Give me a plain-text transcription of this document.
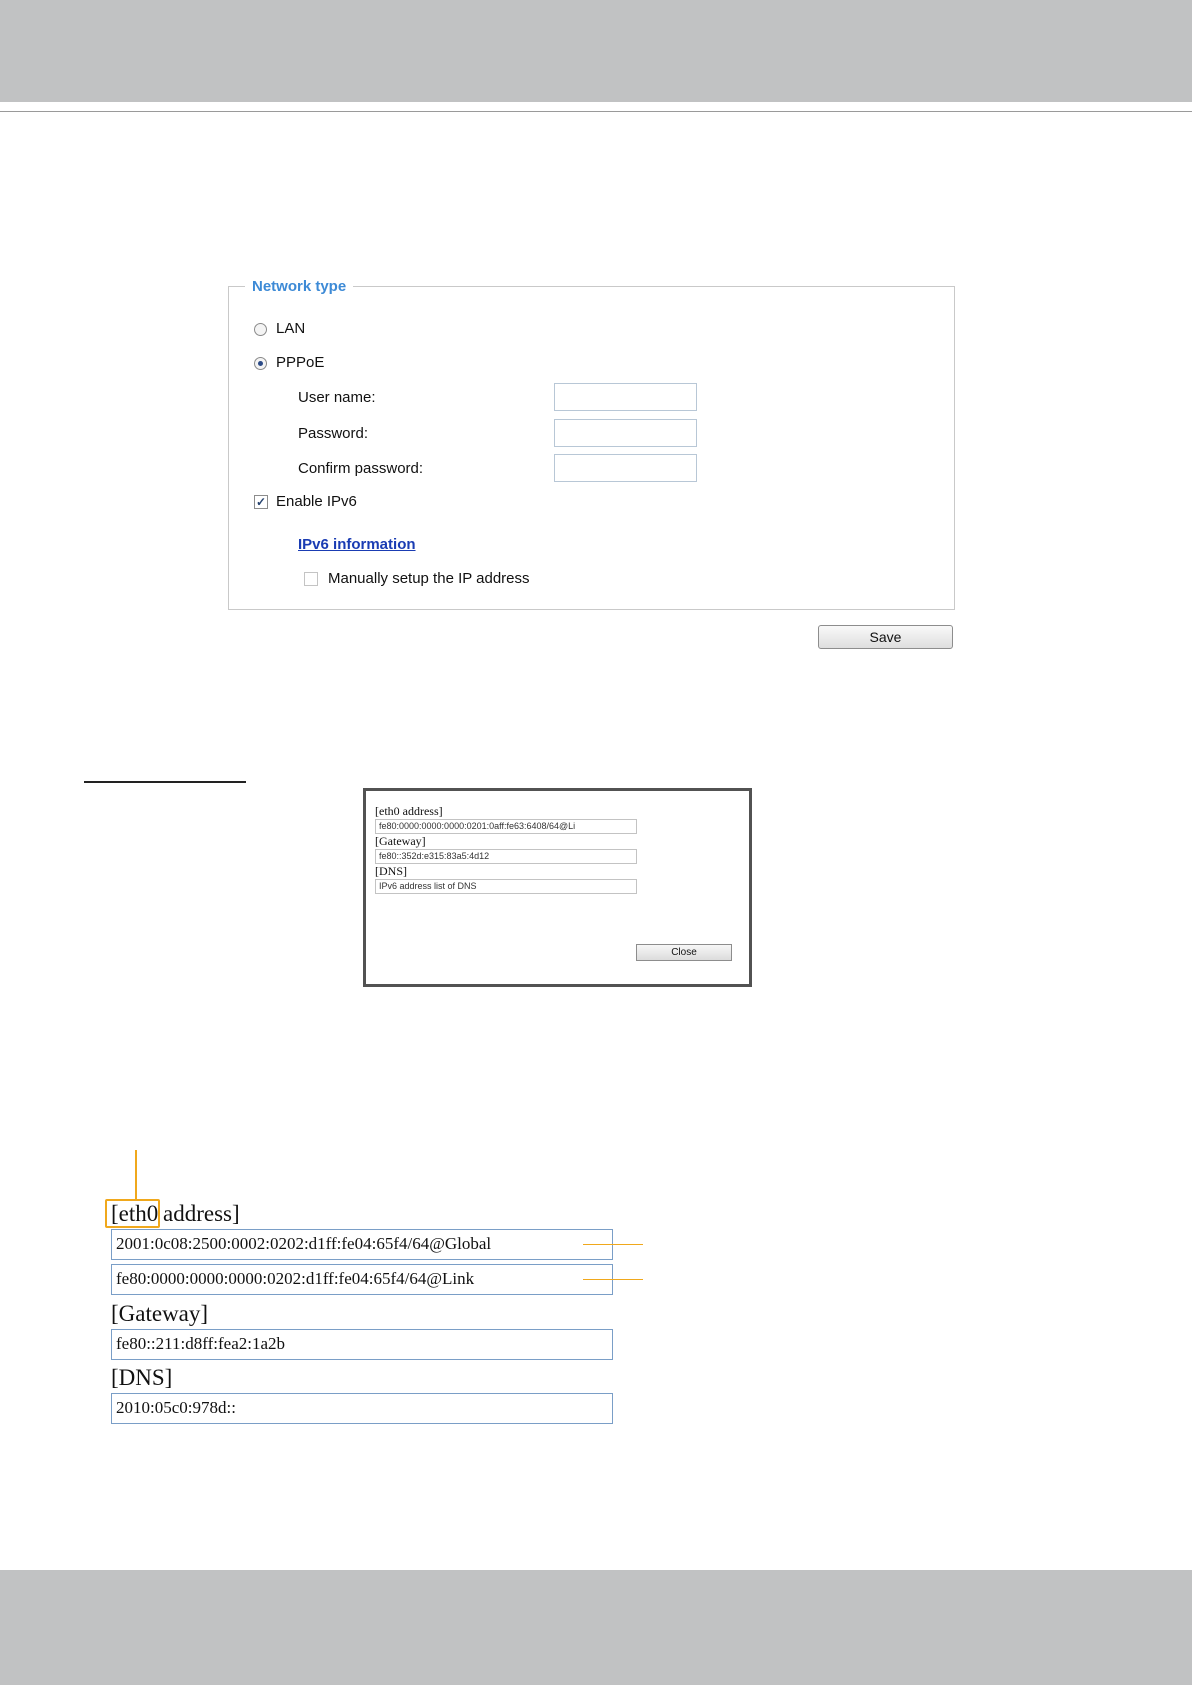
Network type
LAN
PPPoE
User name:
Password:
Confirm password:
✓ Enable IPv6
IPv6 information
Manually setup the IP address
Save
[eth0 address]
fe80:0000:0000:0000:0201:0aff:fe63:6408/64@Li
[Gateway]
fe80::352d:e315:83a5:4d12
[DNS]
IPv6 address list of DNS
Close
[eth0 address]
2001:0c08:2500:0002:0202:d1ff:fe04:65f4/64@Global
fe80:0000:0000:0000:0202:d1ff:fe04:65f4/64@Link
[Gateway]
fe80::211:d8ff:fea2:1a2b
[DNS]
2010:05c0:978d::
